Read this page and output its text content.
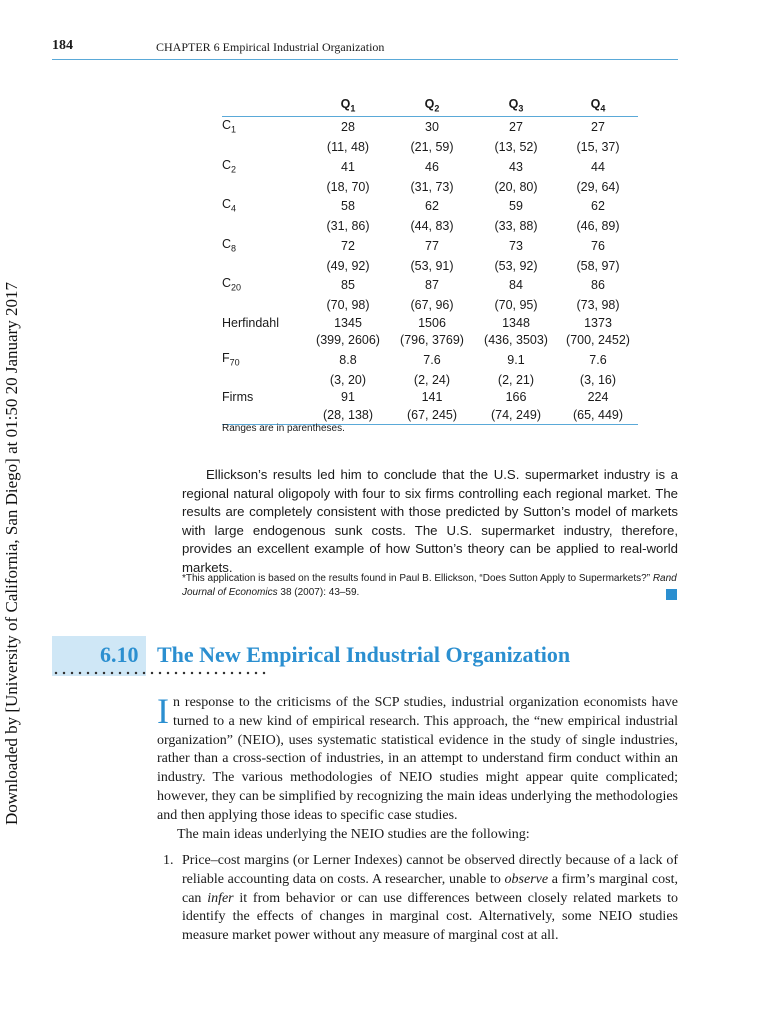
184	CHAPTER 6 Empirical Industrial Organization
Downloaded by [University of California, San Diego] at 01:50 20 January 2017
	$Q_1$	$Q_2$	$Q_3$	$Q_4$
$C_1$	28	30	27	27
	(11, 48)	(21, 59)	(13, 52)	(15, 37)
$C_2$	41	46	43	44
	(18, 70)	(31, 73)	(20, 80)	(29, 64)
$C_4$	58	62	59	62
	(31, 86)	(44, 83)	(33, 88)	(46, 89)
$C_8$	72	77	73	76
	(49, 92)	(53, 91)	(53, 92)	(58, 97)
$C_{20}$	85	87	84	86
	(70, 98)	(67, 96)	(70, 95)	(73, 98)
Herfindahl	1345	1506	1348	1373
	(399, 2606)	(796, 3769)	(436, 3503)	(700, 2452)
$F_{70}$	8.8	7.6	9.1	7.6
	(3, 20)	(2, 24)	(2, 21)	(3, 16)
Firms	91	141	166	224
	(28, 138)	(67, 245)	(74, 249)	(65, 449)
Ranges are in parentheses.

Ellickson’s results led him to conclude that the U.S. supermarket industry is a regional natural oligopoly with four to six firms controlling each regional market. The results are completely consistent with those predicted by Sutton’s model of markets with large endogenous sunk costs. The U.S. supermarket industry, therefore, provides an excellent example of how Sutton’s theory can be applied to real-world markets.

*This application is based on the results found in Paul B. Ellickson, “Does Sutton Apply to Supermarkets?” Rand Journal of Economics 38 (2007): 43–59.
6.10 The New Empirical Industrial Organization

In response to the criticisms of the SCP studies, industrial organization economists have turned to a new kind of empirical research. This approach, the “new empirical industrial organization” (NEIO), uses systematic statistical evidence in the study of single industries, rather than a cross-section of industries, in an attempt to understand firm conduct within an industry. The various methodologies of NEIO studies might appear quite complicated; however, they can be simplified by recognizing the main ideas underlying the methodologies and then applying those ideas to specific case studies.

The main ideas underlying the NEIO studies are the following:

1. Price–cost margins (or Lerner Indexes) cannot be observed directly because of a lack of reliable accounting data on costs. A researcher, unable to observe a firm’s marginal cost, can infer it from behavior or can use differences between closely related markets to identify the effects of changes in marginal cost. Alternatively, some NEIO studies measure market power without any measure of marginal cost at all.
